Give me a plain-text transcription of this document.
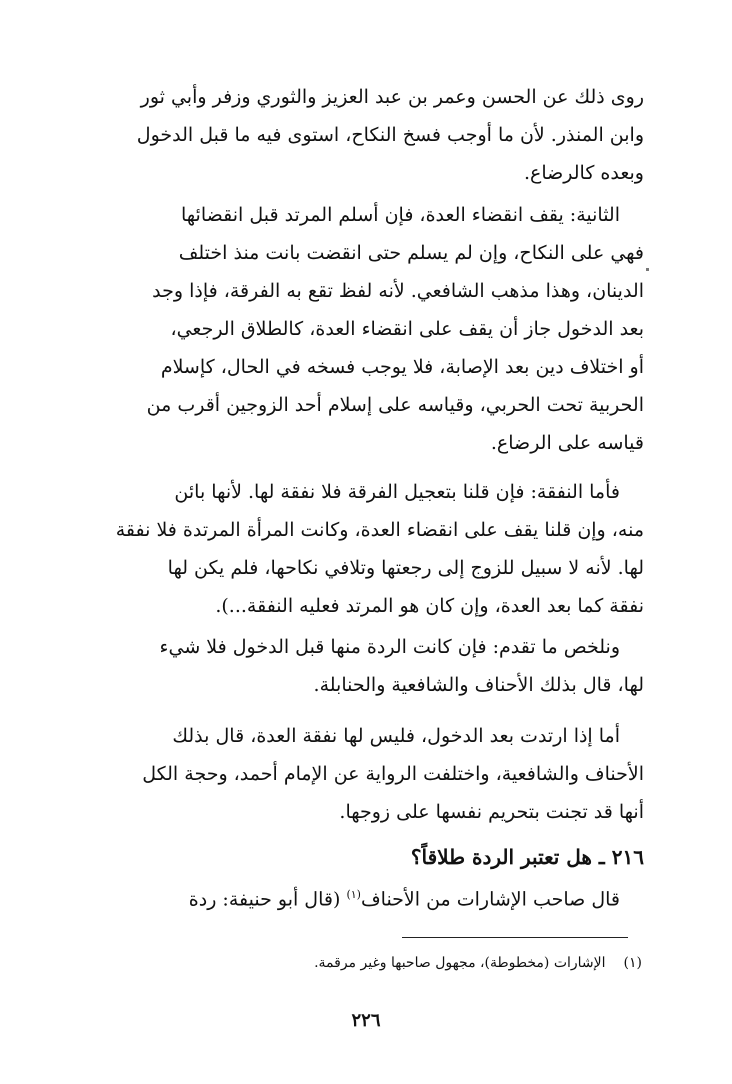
روى ذلك عن الحسن وعمر بن عبد العزيز والثوري وزفر وأبي ثور
وابن المنذر. لأن ما أوجب فسخ النكاح، استوى فيه ما قبل الدخول
وبعده كالرضاع.
الثانية: يقف انقضاء العدة، فإن أسلم المرتد قبل انقضائها
فهي على النكاح، وإن لم يسلم حتى انقضت بانت منذ اختلف
الدينان، وهذا مذهب الشافعي. لأنه لفظ تقع به الفرقة، فإذا وجد
بعد الدخول جاز أن يقف على انقضاء العدة، كالطلاق الرجعي،
أو اختلاف دين بعد الإصابة، فلا يوجب فسخه في الحال، كإسلام
الحربية تحت الحربي، وقياسه على إسلام أحد الزوجين أقرب من
قياسه على الرضاع.
فأما النفقة: فإن قلنا بتعجيل الفرقة فلا نفقة لها. لأنها بائن
منه، وإن قلنا يقف على انقضاء العدة، وكانت المرأة المرتدة فلا نفقة
لها. لأنه لا سبيل للزوج إلى رجعتها وتلافي نكاحها، فلم يكن لها
نفقة كما بعد العدة، وإن كان هو المرتد فعليه النفقة...).
ونلخص ما تقدم: فإن كانت الردة منها قبل الدخول فلا شيء
لها، قال بذلك الأحناف والشافعية والحنابلة.
أما إذا ارتدت بعد الدخول، فليس لها نفقة العدة، قال بذلك
الأحناف والشافعية، واختلفت الرواية عن الإمام أحمد، وحجة الكل
أنها قد تجنت بتحريم نفسها على زوجها.
٢١٦ ـ هل تعتبر الردة طلاقاً؟
قال صاحب الإشارات من الأحناف$^{(١)}$ (قال أبو حنيفة: ردة
(١)الإشارات (مخطوطة)، مجهول صاحبها وغير مرقمة.
٢٢٦
